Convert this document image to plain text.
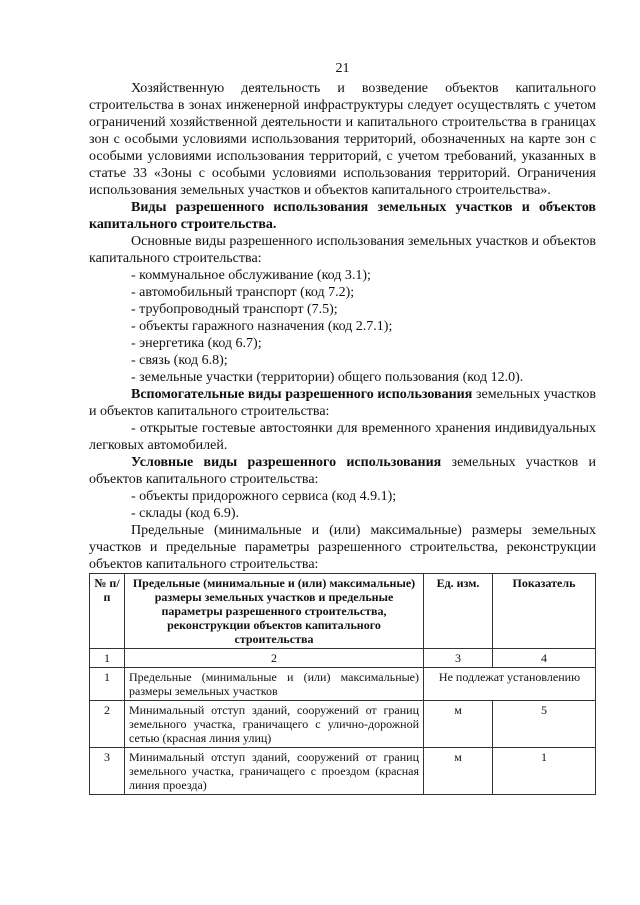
21

Хозяйственную деятельность и возведение объектов капитального строительства в зонах инженерной инфраструктуры следует осуществлять с учетом ограничений хозяйственной деятельности и капитального строительства в границах зон с особыми условиями использования территорий, обозначенных на карте зон с особыми условиями использования территорий, с учетом требований, указанных в статье 33 «Зоны с особыми условиями использования территорий. Ограничения использования земельных участков и объектов капитального строительства».

Виды разрешенного использования земельных участков и объектов капитального строительства.

Основные виды разрешенного использования земельных участков и объектов капитального строительства:

- коммунальное обслуживание (код 3.1);

- автомобильный транспорт (код 7.2);

- трубопроводный транспорт (7.5);

- объекты гаражного назначения (код 2.7.1);

- энергетика (код 6.7);

- связь (код 6.8);

- земельные участки (территории) общего пользования (код 12.0).

Вспомогательные виды разрешенного использования земельных участков и объектов капитального строительства:

- открытые гостевые автостоянки для временного хранения индивидуальных легковых автомобилей.

Условные виды разрешенного использования земельных участков и объектов капитального строительства:

- объекты придорожного сервиса (код 4.9.1);

- склады (код 6.9).

Предельные (минимальные и (или) максимальные) размеры земельных участков и предельные параметры разрешенного строительства, реконструкции объектов капитального строительства:

№ п/п	Предельные (минимальные и (или) максимальные) размеры земельных участков и предельные параметры разрешенного строительства, реконструкции объектов капитального строительства	Ед. изм.	Показатель
1	2	3	4
1	Предельные (минимальные и (или) максимальные) размеры земельных участков	Не подлежат установлению	
2	Минимальный отступ зданий, сооружений от границ земельного участка, граничащего с улично-дорожной сетью (красная линия улиц)	м	5
3	Минимальный отступ зданий, сооружений от границ земельного участка, граничащего с проездом (красная линия проезда)	м	1
